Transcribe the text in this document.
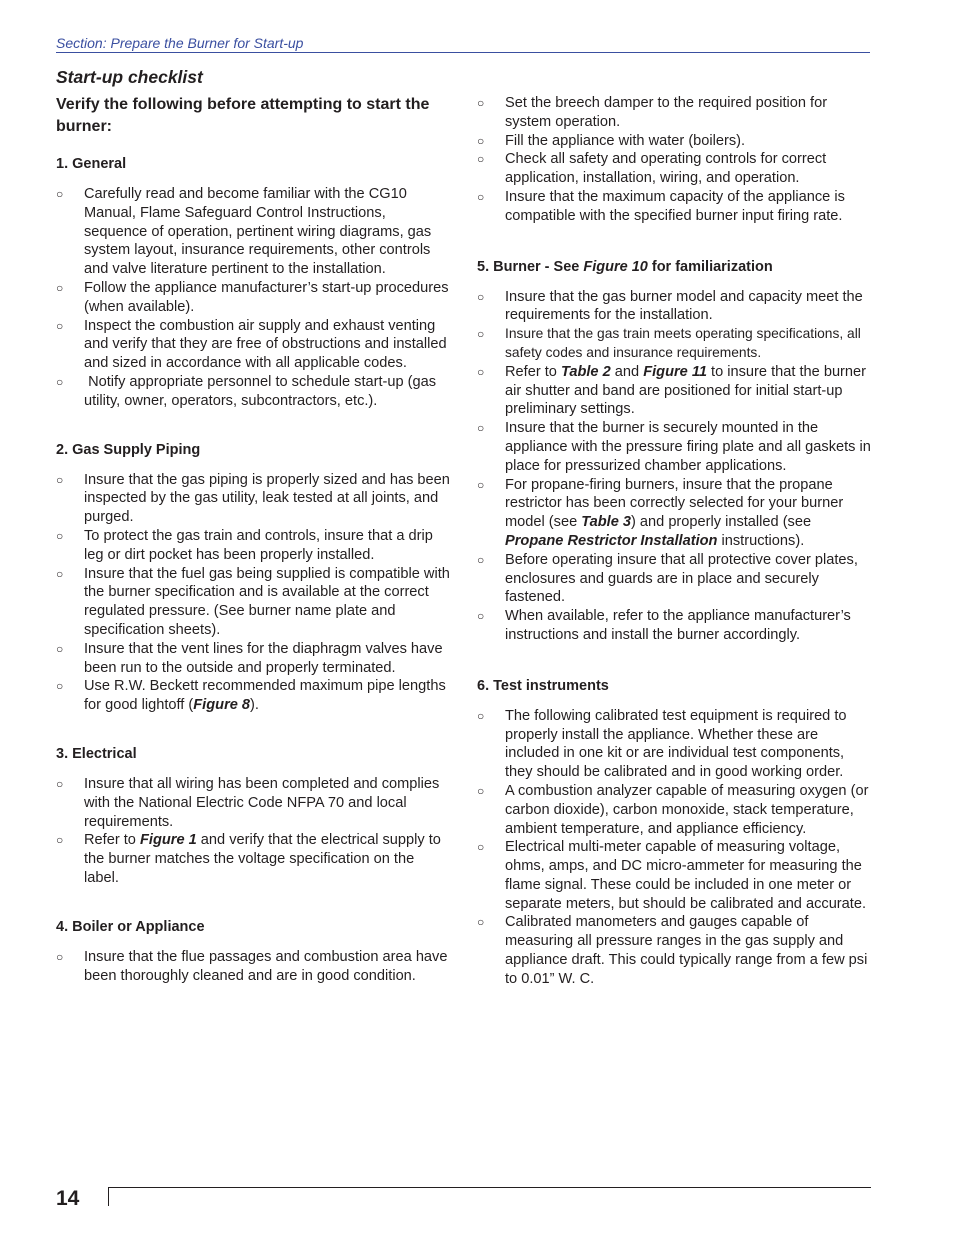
Section: Prepare the Burner for Start-up
Start-up checklist
Verify the following before attempting to start the burner:
1. General
○ Carefully read and become familiar with the CG10 Manual, Flame Safeguard Control Instructions, sequence of operation, pertinent wiring diagrams, gas system layout, insurance requirements, other controls and valve literature pertinent to the installation.
○ Follow the appliance manufacturer’s start-up procedures (when available).
○ Inspect the combustion air supply and exhaust venting and verify that they are free of obstructions and installed and sized in accordance with all applicable codes.
○ Notify appropriate personnel to schedule start-up (gas utility, owner, operators, subcontractors, etc.).
2. Gas Supply Piping
○ Insure that the gas piping is properly sized and has been inspected by the gas utility, leak tested at all joints, and purged.
○ To protect the gas train and controls, insure that a drip leg or dirt pocket has been properly installed.
○ Insure that the fuel gas being supplied is compatible with the burner specification and is available at the correct regulated pressure. (See burner name plate and specification sheets).
○ Insure that the vent lines for the diaphragm valves have been run to the outside and properly terminated.
○ Use R.W. Beckett recommended maximum pipe lengths for good lightoff (Figure 8).
3. Electrical
○ Insure that all wiring has been completed and complies with the National Electric Code NFPA 70 and local requirements.
○ Refer to Figure 1 and verify that the electrical supply to the burner matches the voltage specification on the label.
4. Boiler or Appliance
○ Insure that the flue passages and combustion area have been thoroughly cleaned and are in good condition.
○ Set the breech damper to the required position for system operation.
○ Fill the appliance with water (boilers).
○ Check all safety and operating controls for correct application, installation, wiring, and operation.
○ Insure that the maximum capacity of the appliance is compatible with the specified burner input firing rate.
5. Burner - See Figure 10 for familiarization
○ Insure that the gas burner model and capacity meet the requirements for the installation.
○ Insure that the gas train meets operating specifications, all safety codes and insurance requirements.
○ Refer to Table 2 and Figure 11 to insure that the burner air shutter and band are positioned for initial start-up preliminary settings.
○ Insure that the burner is securely mounted in the appliance with the pressure firing plate and all gaskets in place for pressurized chamber applications.
○ For propane-firing burners, insure that the propane restrictor has been correctly selected for your burner model (see Table 3) and properly installed (see Propane Restrictor Installation instructions).
○ Before operating insure that all protective cover plates, enclosures and guards are in place and securely fastened.
○ When available, refer to the appliance manufacturer’s instructions and install the burner accordingly.
6. Test instruments
○ The following calibrated test equipment is required to properly install the appliance. Whether these are included in one kit or are individual test components, they should be calibrated and in good working order.
○ A combustion analyzer capable of measuring oxygen (or carbon dioxide), carbon monoxide, stack temperature, ambient temperature, and appliance efficiency.
○ Electrical multi-meter capable of measuring voltage, ohms, amps, and DC micro-ammeter for measuring the flame signal. These could be included in one meter or separate meters, but should be calibrated and accurate.
○ Calibrated manometers and gauges capable of measuring all pressure ranges in the gas supply and appliance draft. This could typically range from a few psi to 0.01” W. C.
14
